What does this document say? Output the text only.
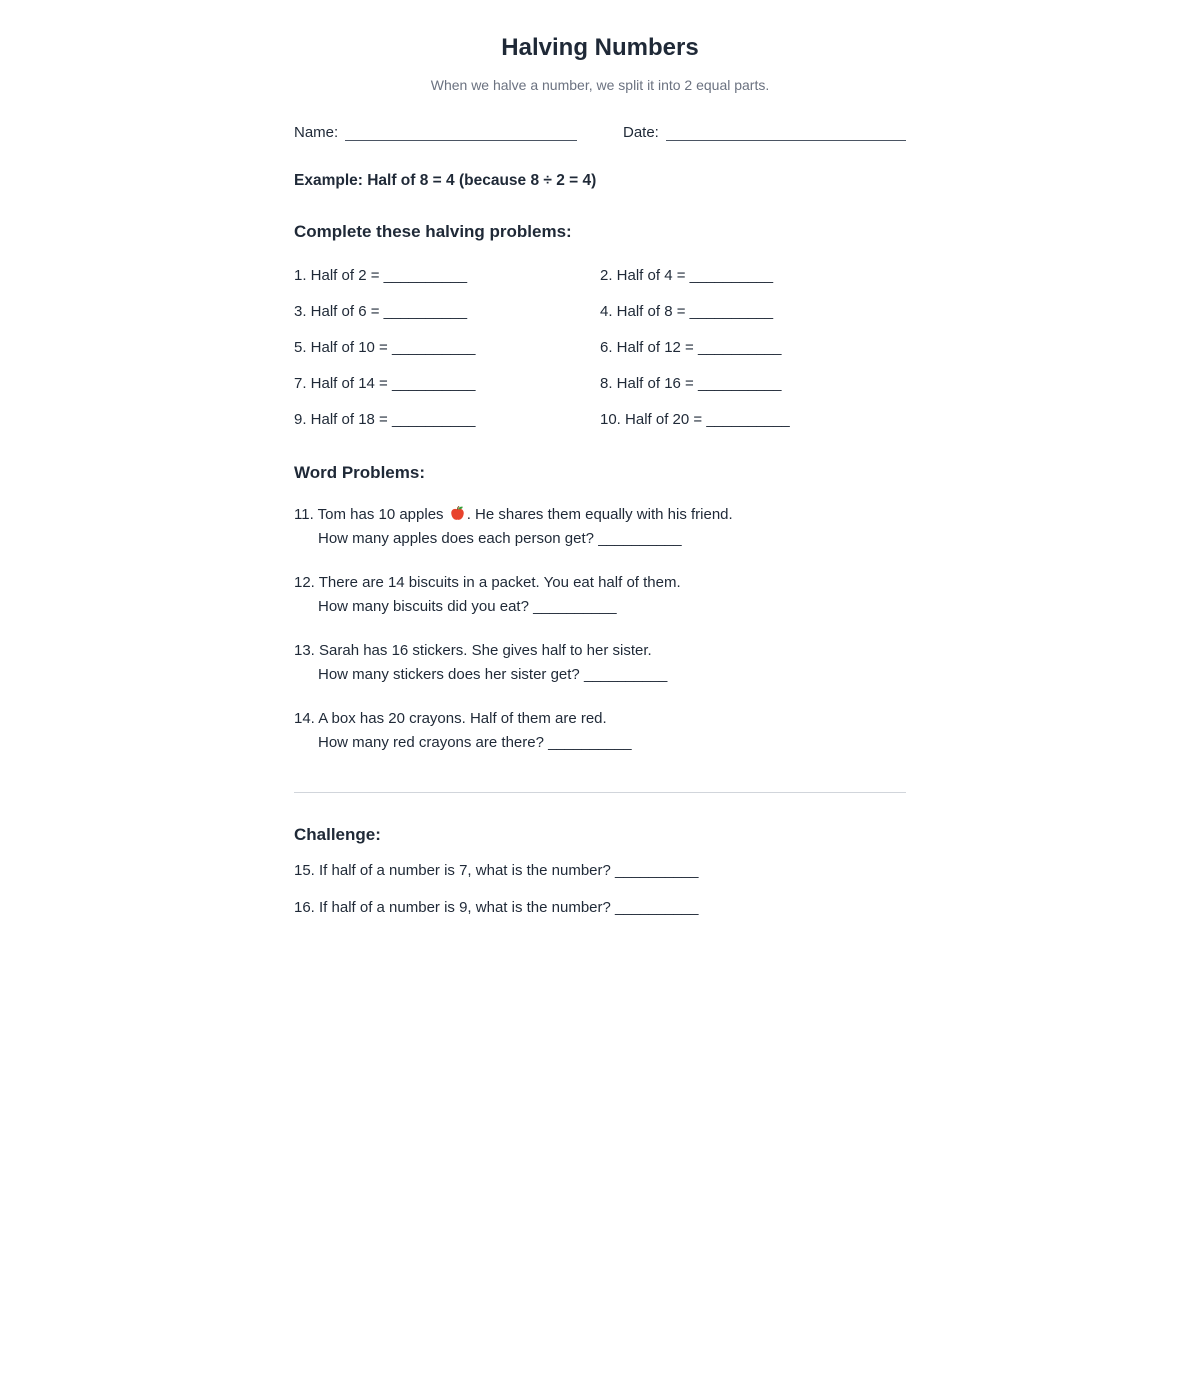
Halving Numbers

When we halve a number, we split it into 2 equal parts.

Name:	Date:

Example: Half of 8 = 4 (because 8 ÷ 2 = 4)

Complete these halving problems:
1. Half of 2 = __________	2. Half of 4 = __________
3. Half of 6 = __________	4. Half of 8 = __________
5. Half of 10 = __________	6. Half of 12 = __________
7. Half of 14 = __________	8. Half of 16 = __________
9. Half of 18 = __________	10. Half of 20 = __________
Word Problems:
11. Tom has 10 apples . He shares them equally with his friend.
How many apples does each person get? __________
12. There are 14 biscuits in a packet. You eat half of them.
How many biscuits did you eat? __________
13. Sarah has 16 stickers. She gives half to her sister.
How many stickers does her sister get? __________
14. A box has 20 crayons. Half of them are red.
How many red crayons are there? __________
Challenge:
15. If half of a number is 7, what is the number? __________
16. If half of a number is 9, what is the number? __________
